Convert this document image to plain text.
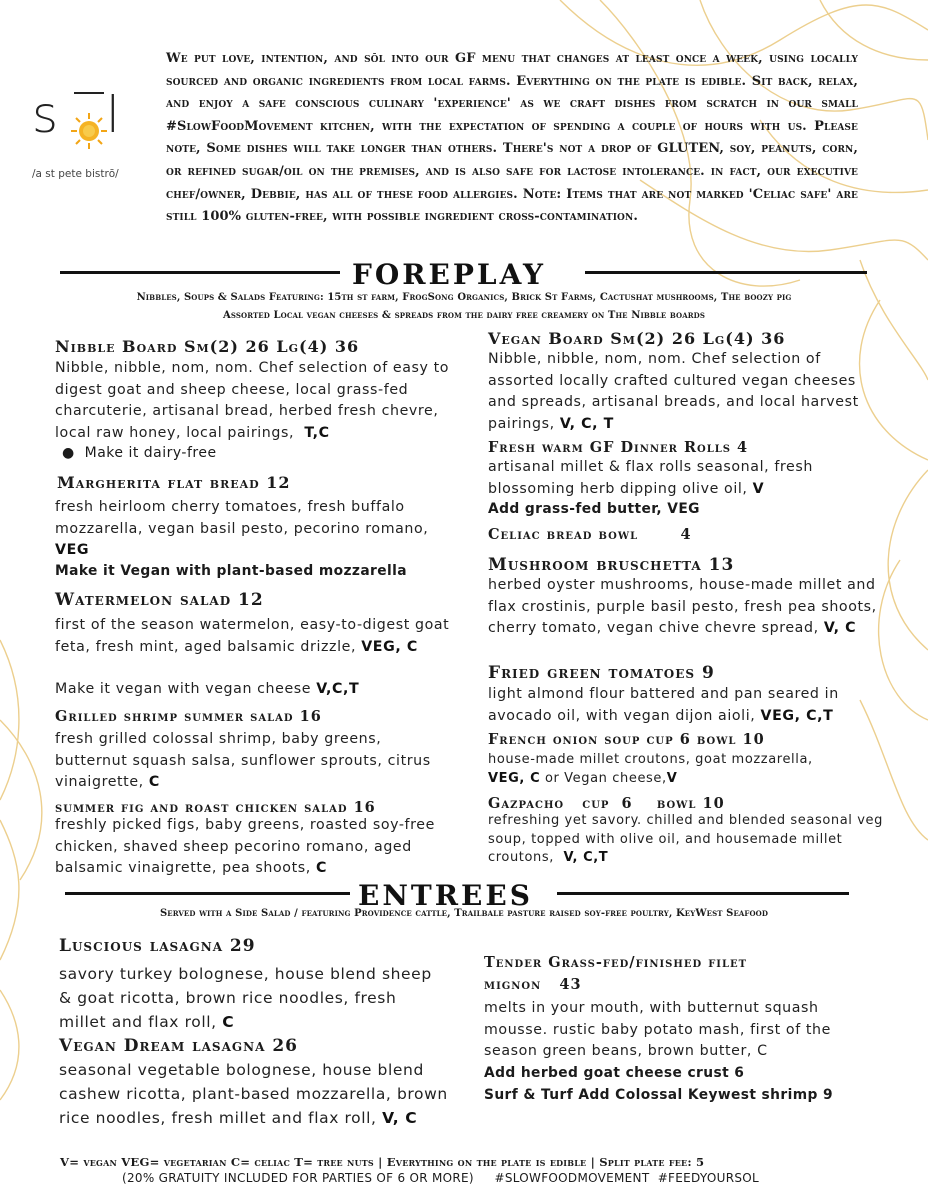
s l
/a st pete bistrō/
We put love, intention, and sōl into our GF menu that changes at least once a week, using locally sourced and organic ingredients from local farms. Everything on the plate is edible. Sit back, relax, and enjoy a safe conscious culinary 'experience' as we craft dishes from scratch in our small #SlowFoodMovement kitchen, with the expectation of spending a couple of hours with us. Please note, Some dishes will take longer than others. There's not a drop of GLUTEN, soy, peanuts, corn, or refined sugar/oil on the premises, and is also safe for lactose intolerance. in fact, our executive chef/owner, Debbie, has all of these food allergies. Note: Items that are not marked 'Celiac safe' are still 100% gluten-free, with possible ingredient cross-contamination.
FOREPLAY
Nibbles, Soups & Salads Featuring: 15th st farm, FrogSong Organics, Brick St Farms, Cactushat mushrooms, The boozy pig
Assorted Local vegan cheeses & spreads from the dairy free creamery on The Nibble boards
Nibble Board Sm(2) 26 Lg(4) 36
Nibble, nibble, nom, nom. Chef selection of easy to digest goat and sheep cheese, local grass-fed charcuterie, artisanal bread, herbed fresh chevre, local raw honey, local pairings, T,C
●  Make it dairy-free
Margherita flat bread 12
fresh heirloom cherry tomatoes, fresh buffalo mozzarella, vegan basil pesto, pecorino romano, VEG
Make it Vegan with plant-based mozzarella
Watermelon salad 12
first of the season watermelon, easy-to-digest goat feta, fresh mint, aged balsamic drizzle, VEG, C
Make it vegan with vegan cheese V,C,T
Grilled shrimp summer salad 16
fresh grilled colossal shrimp, baby greens, butternut squash salsa, sunflower sprouts, citrus vinaigrette, C
summer fig and roast chicken salad 16
freshly picked figs, baby greens, roasted soy-free chicken, shaved sheep pecorino romano, aged balsamic vinaigrette, pea shoots, C
Vegan Board Sm(2) 26 Lg(4) 36
Nibble, nibble, nom, nom. Chef selection of assorted locally crafted cultured vegan cheeses and spreads, artisanal breads, and local harvest pairings, V, C, T
Fresh warm GF Dinner Rolls 4
artisanal millet & flax rolls seasonal, fresh blossoming herb dipping olive oil, V
Add grass-fed butter, VEG
Celiac bread bowl       4
Mushroom bruschetta 13
herbed oyster mushrooms, house-made millet and flax crostinis, purple basil pesto, fresh pea shoots, cherry tomato, vegan chive chevre spread, V, C
Fried green tomatoes 9
light almond flour battered and pan seared in avocado oil, with vegan dijon aioli, VEG, C,T
French onion soup cup 6 bowl 10
house-made millet croutons, goat mozzarella,
VEG, C or Vegan cheese,V
Gazpacho   cup  6    bowl 10
refreshing yet savory. chilled and blended seasonal veg soup, topped with olive oil, and housemade millet croutons, V, C,T
ENTREES
Served with a Side Salad / featuring Providence cattle, Trailbale pasture raised soy-free poultry, KeyWest Seafood
Luscious lasagna 29
savory turkey bolognese, house blend sheep & goat ricotta, brown rice noodles, fresh millet and flax roll, C
Vegan Dream lasagna 26
seasonal vegetable bolognese, house blend cashew ricotta, plant-based mozzarella, brown rice noodles, fresh millet and flax roll, V, C
Tender Grass-fed/finished filet
mignon   43
melts in your mouth, with butternut squash mousse. rustic baby potato mash, first of the season green beans, brown butter, C
Add herbed goat cheese crust 6
Surf & Turf Add Colossal Keywest shrimp 9
V= vegan VEG= vegetarian C= celiac T= tree nuts | Everything on the plate is edible | Split plate fee: 5
(20% GRATUITY INCLUDED FOR PARTIES OF 6 OR MORE)     #SLOWFOODMOVEMENT  #FEEDYOURSOL
